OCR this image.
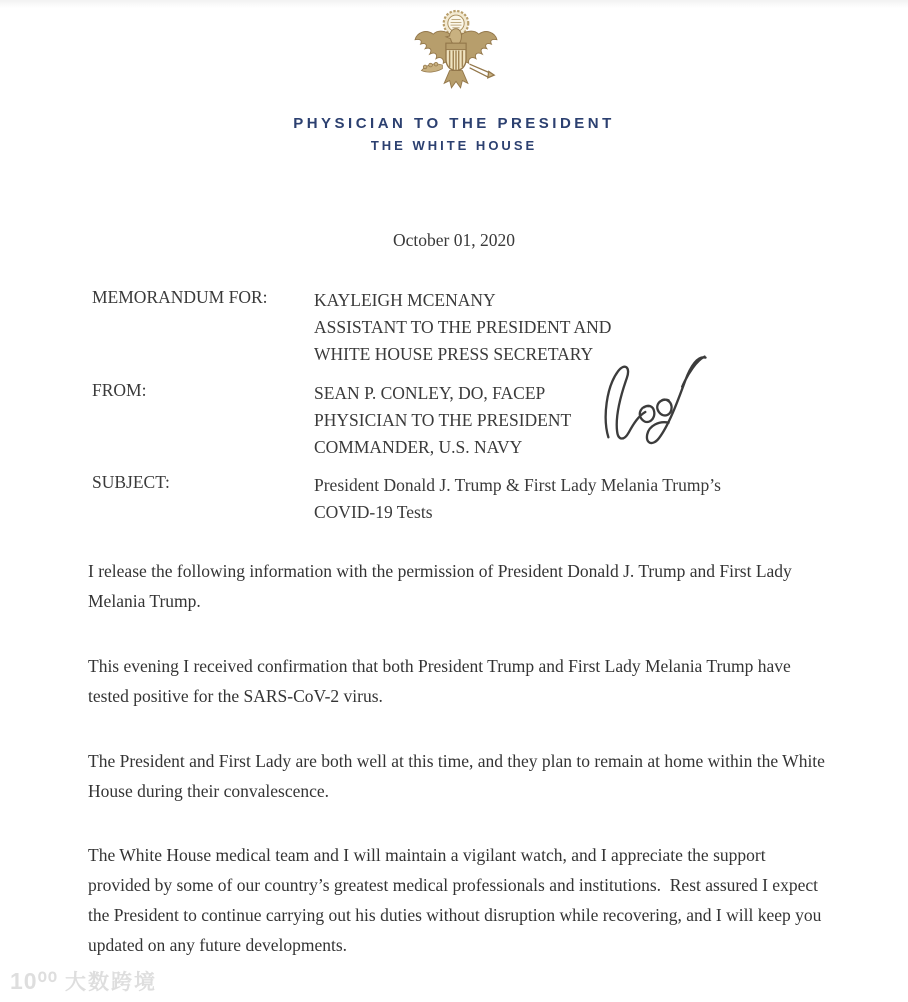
PHYSICIAN TO THE PRESIDENT
THE WHITE HOUSE
October 01, 2020
MEMORANDUM FOR:	KAYLEIGH MCENANY
ASSISTANT TO THE PRESIDENT AND
WHITE HOUSE PRESS SECRETARY
FROM:	SEAN P. CONLEY, DO, FACEP
PHYSICIAN TO THE PRESIDENT
COMMANDER, U.S. NAVY
SUBJECT:	President Donald J. Trump & First Lady Melania Trump’s
COVID-19 Tests
I release the following information with the permission of President Donald J. Trump and First Lady Melania Trump.
This evening I received confirmation that both President Trump and First Lady Melania Trump have tested positive for the SARS-CoV-2 virus.
The President and First Lady are both well at this time, and they plan to remain at home within the White House during their convalescence.
The White House medical team and I will maintain a vigilant watch, and I appreciate the support provided by some of our country’s greatest medical professionals and institutions.  Rest assured I expect the President to continue carrying out his duties without disruption while recovering, and I will keep you updated on any future developments.
10⁰⁰ 大数跨境
